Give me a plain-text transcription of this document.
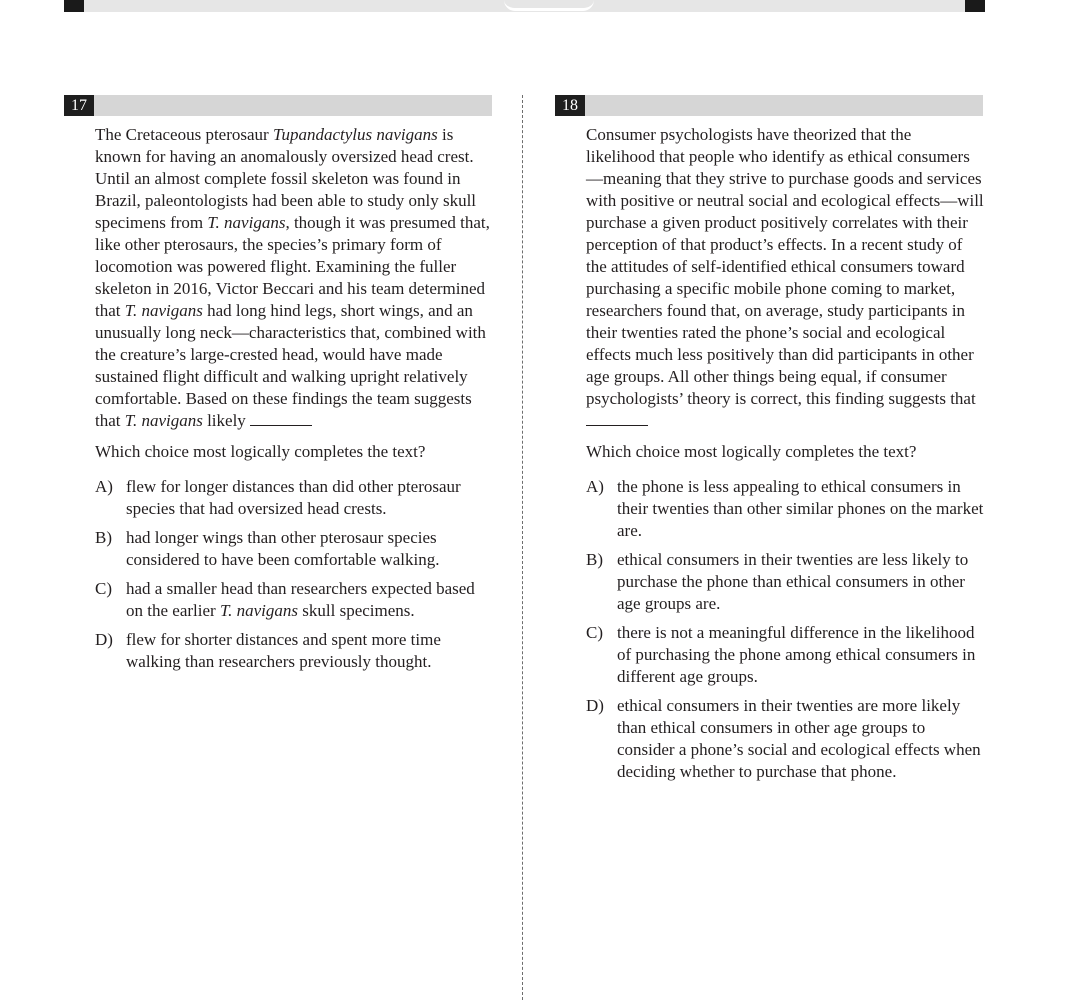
17	18

The Cretaceous pterosaur Tupandactylus navigans is known for having an anomalously oversized head crest. Until an almost complete fossil skeleton was found in Brazil, paleontologists had been able to study only skull specimens from T. navigans, though it was presumed that, like other pterosaurs, the species’s primary form of locomotion was powered flight. Examining the fuller skeleton in 2016, Victor Beccari and his team determined that T. navigans had long hind legs, short wings, and an unusually long neck—characteristics that, combined with the creature’s large-crested head, would have made sustained flight difficult and walking upright relatively comfortable. Based on these findings the team suggests that T. navigans likely

Which choice most logically completes the text?

A) flew for longer distances than did other pterosaur species that had oversized head crests.
B) had longer wings than other pterosaur species considered to have been comfortable walking.
C) had a smaller head than researchers expected based on the earlier T. navigans skull specimens.
D) flew for shorter distances and spent more time walking than researchers previously thought.

Consumer psychologists have theorized that the likelihood that people who identify as ethical consumers—meaning that they strive to purchase goods and services with positive or neutral social and ecological effects—will purchase a given product positively correlates with their perception of that product’s effects. In a recent study of the attitudes of self-identified ethical consumers toward purchasing a specific mobile phone coming to market, researchers found that, on average, study participants in their twenties rated the phone’s social and ecological effects much less positively than did participants in other age groups. All other things being equal, if consumer psychologists’ theory is correct, this finding suggests that

Which choice most logically completes the text?

A) the phone is less appealing to ethical consumers in their twenties than other similar phones on the market are.
B) ethical consumers in their twenties are less likely to purchase the phone than ethical consumers in other age groups are.
C) there is not a meaningful difference in the likelihood of purchasing the phone among ethical consumers in different age groups.
D) ethical consumers in their twenties are more likely than ethical consumers in other age groups to consider a phone’s social and ecological effects when deciding whether to purchase that phone.
